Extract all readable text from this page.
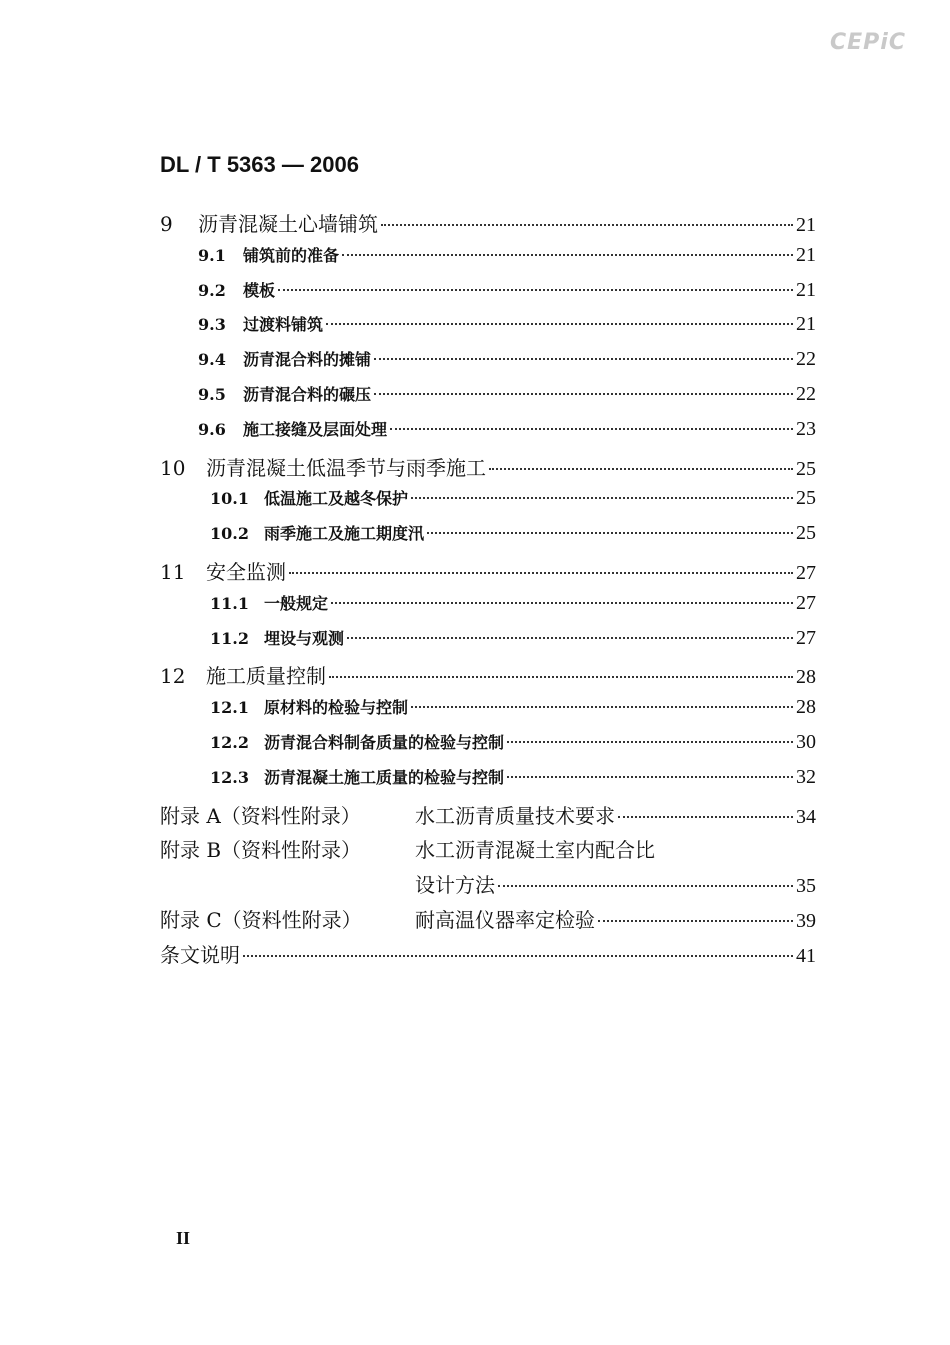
CEPiC
DL / T 5363 — 2006
9	沥青混凝土心墙铺筑	21
9.1	铺筑前的准备	21
9.2	模板	21
9.3	过渡料铺筑	21
9.4	沥青混合料的摊铺	22
9.5	沥青混合料的碾压	22
9.6	施工接缝及层面处理	23
10	沥青混凝土低温季节与雨季施工	25
10.1 低温施工及越冬保护	25
10.2 雨季施工及施工期度汛	25
11	安全监测	27
11.1 一般规定	27
11.2 埋设与观测	27
12	施工质量控制	28
12.1 原材料的检验与控制	28
12.2 沥青混合料制备质量的检验与控制	30
12.3 沥青混凝土施工质量的检验与控制	32
附录 A（资料性附录）	水工沥青质量技术要求	34
附录 B（资料性附录）	水工沥青混凝土室内配合比
设计方法	35
附录 C（资料性附录）	耐高温仪器率定检验	39
条文说明	41
II
